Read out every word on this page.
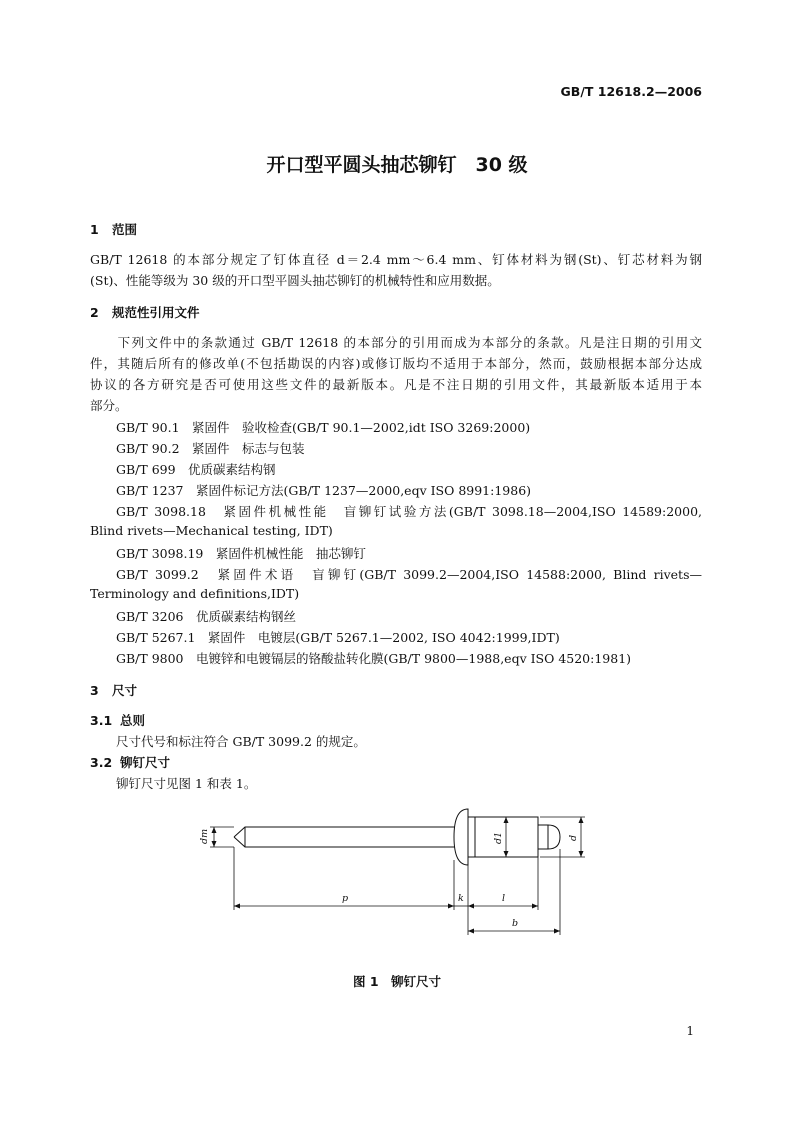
GB/T 12618.2—2006
开口型平圆头抽芯铆钉　30 级
1 范围
GB/T 12618 的本部分规定了钉体直径 d＝2.4 mm～6.4 mm、钉体材料为钢(St)、钉芯材料为钢
(St)、性能等级为 30 级的开口型平圆头抽芯铆钉的机械特性和应用数据。
2 规范性引用文件
　　下列文件中的条款通过 GB/T 12618 的本部分的引用而成为本部分的条款。凡是注日期的引用文
件，其随后所有的修改单(不包括勘误的内容)或修订版均不适用于本部分，然而，鼓励根据本部分达成
协议的各方研究是否可使用这些文件的最新版本。凡是不注日期的引用文件，其最新版本适用于本
部分。
GB/T 90.1　紧固件　验收检查(GB/T 90.1—2002,idt ISO 3269:2000)
GB/T 90.2　紧固件　标志与包装
GB/T 699　优质碳素结构钢
GB/T 1237　紧固件标记方法(GB/T 1237—2000,eqv ISO 8991:1986)
GB/T 3098.18　紧固件机械性能　盲铆钉试验方法(GB/T 3098.18—2004,ISO 14589:2000,
Blind rivets—Mechanical testing, IDT)
GB/T 3098.19　紧固件机械性能　抽芯铆钉
GB/T 3099.2　紧固件术语　盲铆钉(GB/T 3099.2—2004,ISO 14588:2000, Blind rivets—
Terminology and definitions,IDT)
GB/T 3206　优质碳素结构钢丝
GB/T 5267.1　紧固件　电镀层(GB/T 5267.1—2002, ISO 4042:1999,IDT)
GB/T 9800　电镀锌和电镀镉层的铬酸盐转化膜(GB/T 9800—1988,eqv ISO 4520:1981)
3 尺寸
3.1 总则
尺寸代号和标注符合 GB/T 3099.2 的规定。
3.2 铆钉尺寸
铆钉尺寸见图 1 和表 1。
dm	d1	d
p	k	l
b
图 1　铆钉尺寸
1
